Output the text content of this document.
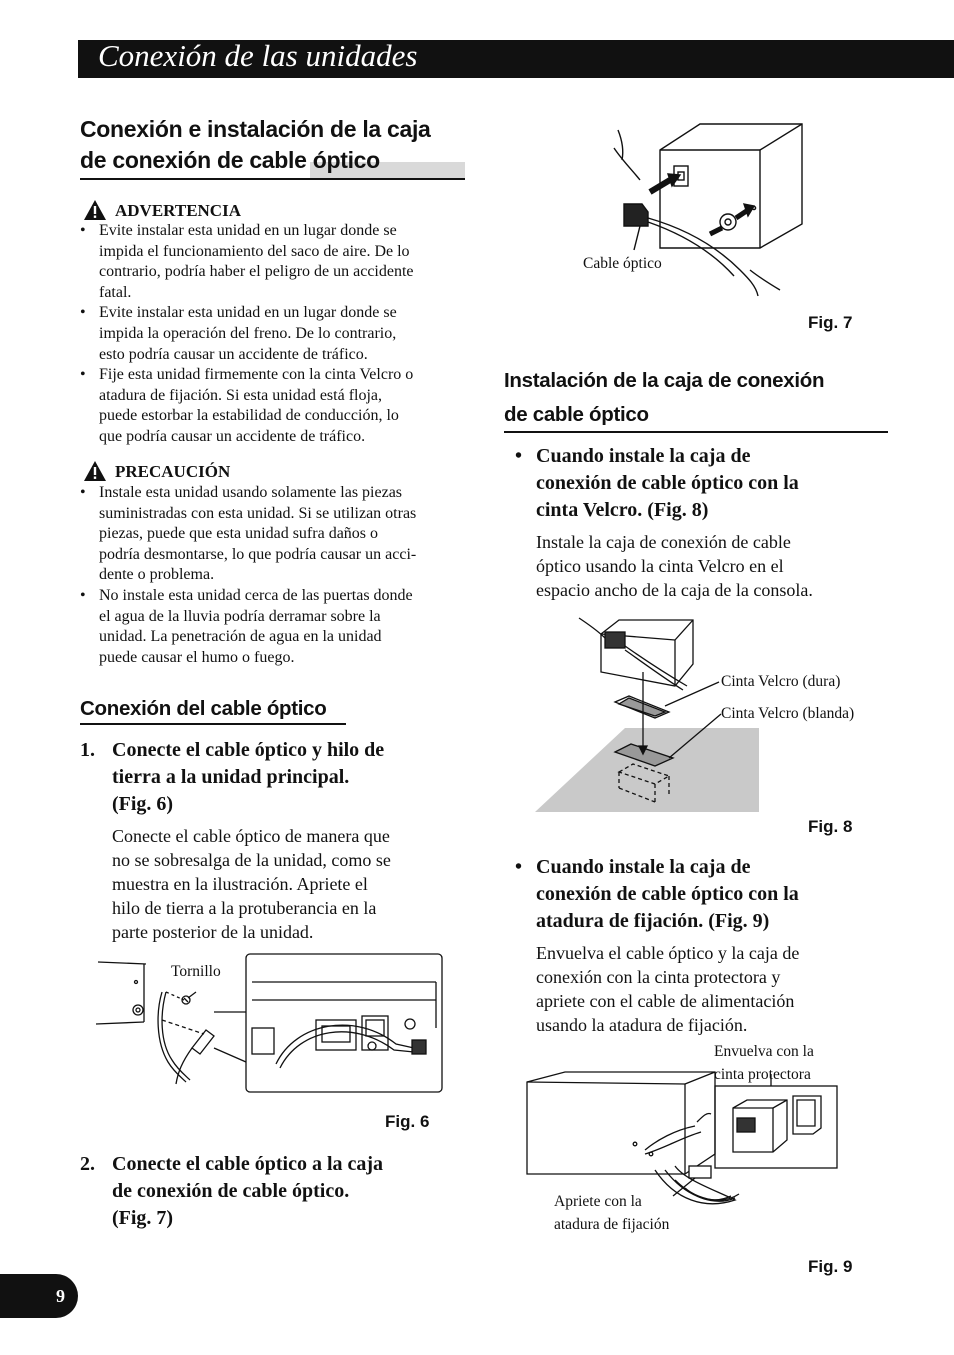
Conexión de las unidades
Conexión e instalación de la caja
de conexión de cable óptico
ADVERTENCIA
• Evite instalar esta unidad en un lugar donde se
impida el funcionamiento del saco de aire. De lo
contrario, podría haber el peligro de un accidente
fatal.
• Evite instalar esta unidad en un lugar donde se
impida la operación del freno. De lo contrario,
esto podría causar un accidente de tráfico.
• Fije esta unidad firmemente con la cinta Velcro o
atadura de fijación. Si esta unidad está floja,
puede estorbar la estabilidad de conducción, lo
que podría causar un accidente de tráfico.
PRECAUCIÓN
• Instale esta unidad usando solamente las piezas
suministradas con esta unidad. Si se utilizan otras
piezas, puede que esta unidad sufra daños o
podría desmontarse, lo que podría causar un acci-
dente o problema.
• No instale esta unidad cerca de las puertas donde
el agua de la lluvia podría derramar sobre la
unidad. La penetración de agua en la unidad
puede causar el humo o fuego.
Conexión del cable óptico
1. Conecte el cable óptico y hilo de
tierra a la unidad principal.
(Fig. 6)
Conecte el cable óptico de manera que
no se sobresalga de la unidad, como se
muestra en la ilustración. Apriete el
hilo de tierra a la protuberancia en la
parte posterior de la unidad.
Tornillo
Fig. 6
2. Conecte el cable óptico a la caja
de conexión de cable óptico.
(Fig. 7)
Cable óptico
Fig. 7
Instalación de la caja de conexión
de cable óptico
• Cuando instale la caja de
conexión de cable óptico con la
cinta Velcro. (Fig. 8)
Instale la caja de conexión de cable
óptico usando la cinta Velcro en el
espacio ancho de la caja de la consola.
Cinta Velcro (dura)
Cinta Velcro (blanda)
Fig. 8
• Cuando instale la caja de
conexión de cable óptico con la
atadura de fijación. (Fig. 9)
Envuelva el cable óptico y la caja de
conexión con la cinta protectora y
apriete con el cable de alimentación
usando la atadura de fijación.
Envuelva con la
cinta protectora
Apriete con la
atadura de fijación
Fig. 9
9
